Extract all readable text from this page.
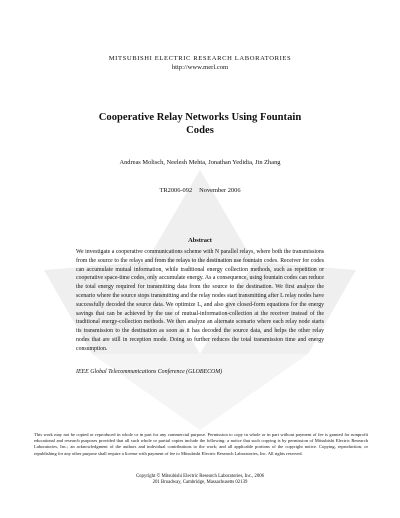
MITSUBISHI ELECTRIC RESEARCH LABORATORIES
http://www.merl.com
Cooperative Relay Networks Using Fountain Codes
Andreas Molisch, Neelesh Mehta, Jonathan Yedidia, Jin Zhang
TR2006-092 November 2006
Abstract
We investigate a cooperative communications scheme with N parallel relays, where both the transmissions from the source to the relays and from the relays to the destination use fountain codes. Receiver for codes can accumulate mutual information, while traditional energy collection methods, such as repetition or cooperative space-time codes, only accumulate energy. As a consequence, using fountain codes can reduce the total energy required for transmitting data from the source to the destination. We first analyze the scenario where the source stops transmitting and the relay nodes start transmitting after L relay nodes have successfully decoded the source data. We optimize L, and also give closed-form equations for the energy savings that can be achieved by the use of mutual-information-collection at the receiver instead of the traditional energy-collection methods. We then analyze an alternate scenario where each relay node starts its transmission to the destination as soon as it has decoded the source data, and helps the other relay nodes that are still in reception mode. Doing so further reduces the total transmission time and energy consumption.
IEEE Global Telecommunications Conference (GLOBECOM)
This work may not be copied or reproduced in whole or in part for any commercial purpose. Permission to copy in whole or in part without payment of fee is granted for nonprofit educational and research purposes provided that all such whole or partial copies include the following: a notice that such copying is by permission of Mitsubishi Electric Research Laboratories, Inc.; an acknowledgment of the authors and individual contributions to the work; and all applicable portions of the copyright notice. Copying, reproduction, or republishing for any other purpose shall require a license with payment of fee to Mitsubishi Electric Research Laboratories, Inc. All rights reserved.
Copyright © Mitsubishi Electric Research Laboratories, Inc., 2006
201 Broadway, Cambridge, Massachusetts 02139
